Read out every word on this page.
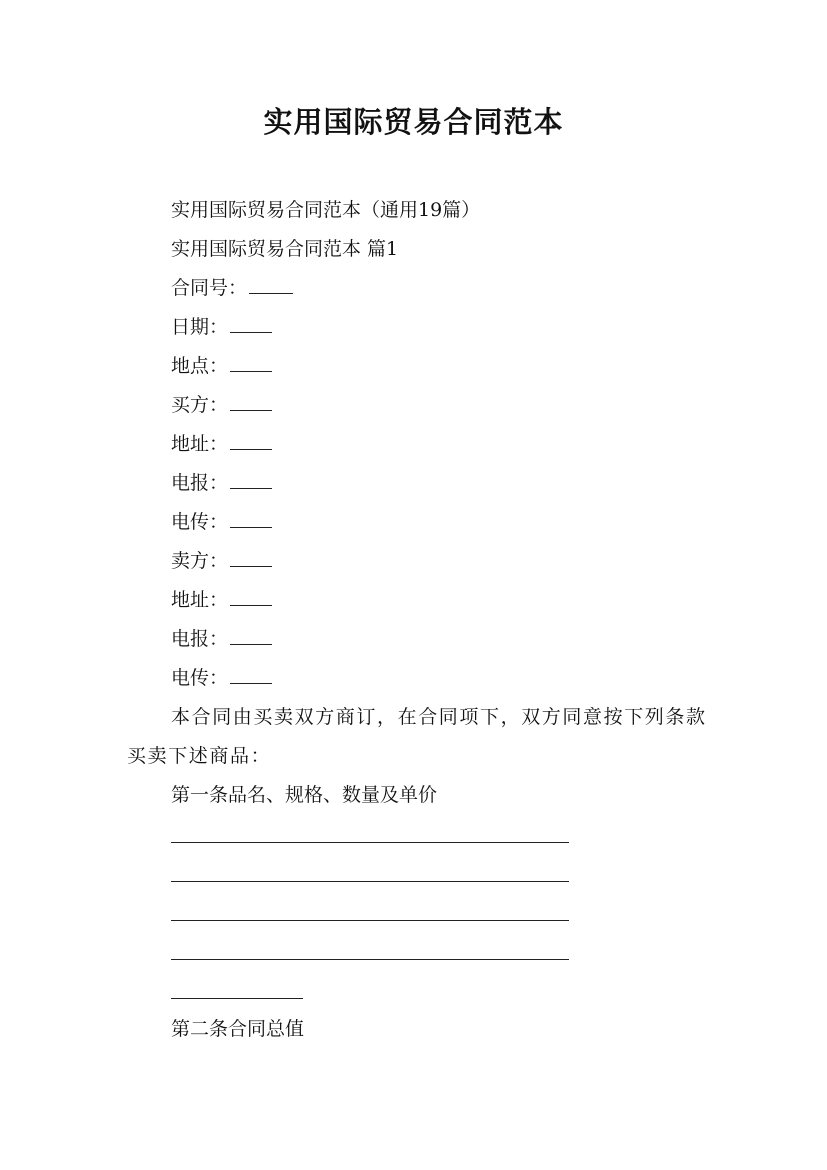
实用国际贸易合同范本

实用国际贸易合同范本（通用19篇）

实用国际贸易合同范本 篇1

合同号：

日期：

地点：

买方：

地址：

电报：

电传：

卖方：

地址：

电报：

电传：

本合同由买卖双方商订，在合同项下，双方同意按下列条款买卖下述商品：

第一条品名、规格、数量及单价

第二条合同总值
